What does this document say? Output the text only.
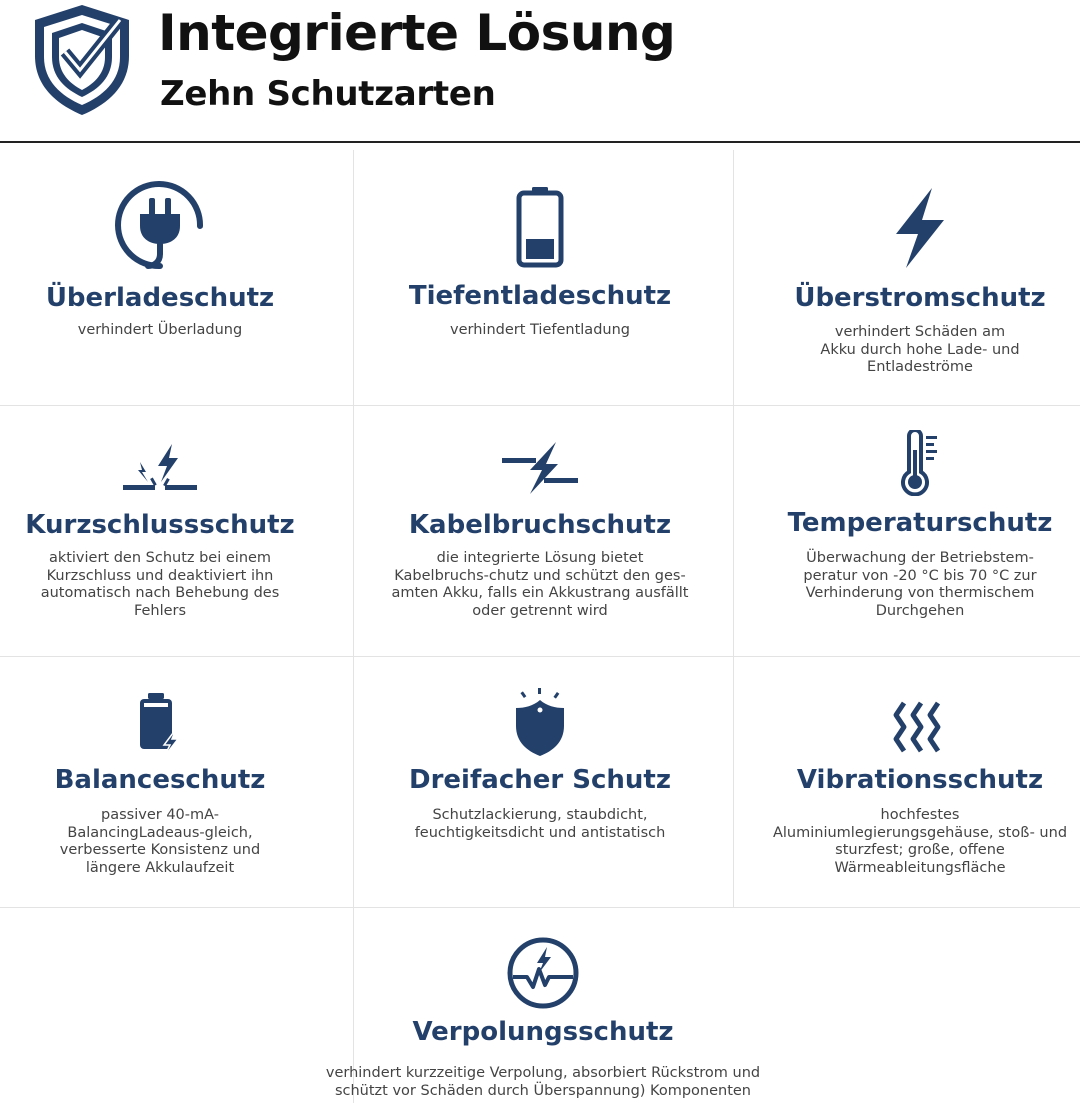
Integrierte Lösung
Zehn Schutzarten
Überladeschutz
verhindert Überladung
Tiefentladeschutz
verhindert Tiefentladung
Überstromschutz
verhindert Schäden am Akku durch hohe Lade- und Entladeströme
Kurzschlussschutz
aktiviert den Schutz bei einem Kurzschluss und deaktiviert ihn automatisch nach Behebung des Fehlers
Kabelbruchschutz
die integrierte Lösung bietet Kabelbruchs-chutz und schützt den ges-amten Akku, falls ein Akkustrang ausfällt oder getrennt wird
Temperaturschutz
Überwachung der Betriebstem-peratur von -20 °C bis 70 °C zur Verhinderung von thermischem Durchgehen
Balanceschutz
passiver 40-mA-BalancingLadeaus-gleich, verbesserte Konsistenz und längere Akkulaufzeit
Dreifacher Schutz
Schutzlackierung, staubdicht, feuchtigkeitsdicht und antistatisch
Vibrationsschutz
hochfestes Aluminiumlegierungsgehäuse, stoß- und sturzfest; große, offene Wärmeableitungsfläche
Verpolungsschutz
verhindert kurzzeitige Verpolung, absorbiert Rückstrom und schützt vor Schäden durch Überspannung) Komponenten
